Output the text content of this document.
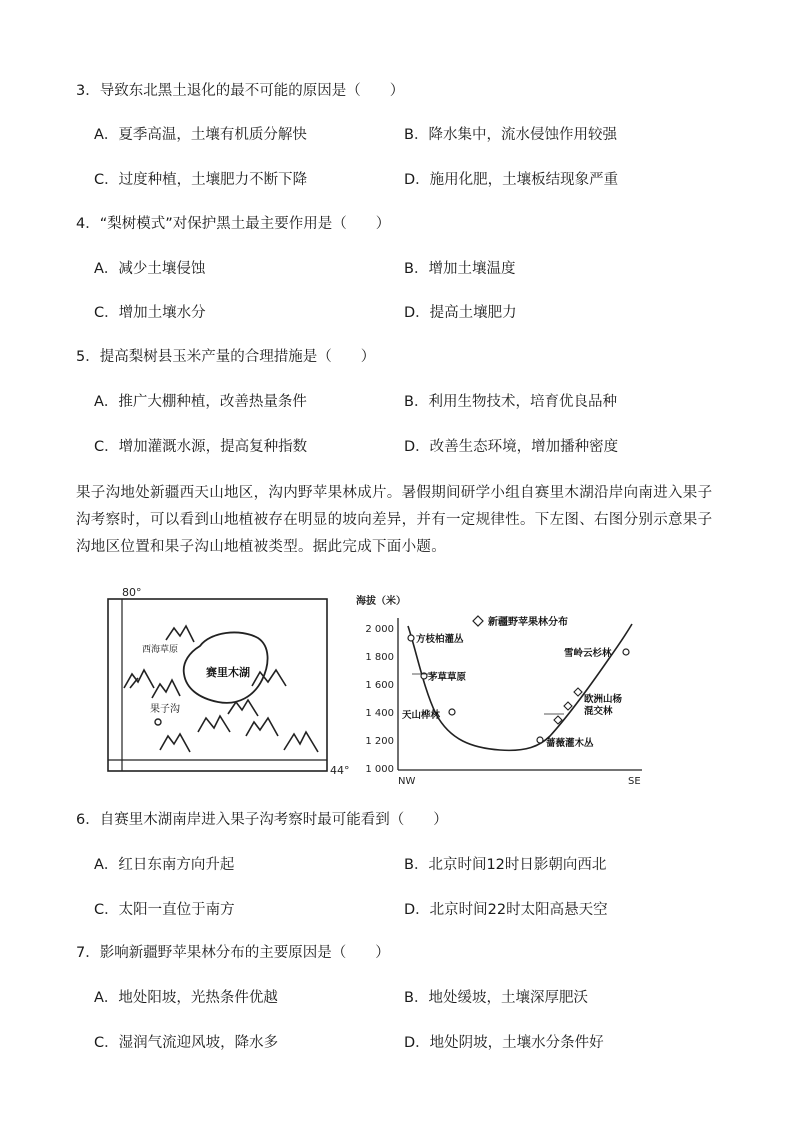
3．导致东北黑土退化的最不可能的原因是（　　）
A．夏季高温，土壤有机质分解快	B．降水集中，流水侵蚀作用较强
C．过度种植，土壤肥力不断下降	D．施用化肥，土壤板结现象严重
4．“梨树模式”对保护黑土最主要作用是（　　）
A．减少土壤侵蚀	B．增加土壤温度
C．增加土壤水分	D．提高土壤肥力
5．提高梨树县玉米产量的合理措施是（　　）
A．推广大棚种植，改善热量条件	B．利用生物技术，培育优良品种
C．增加灌溉水源，提高复种指数	D．改善生态环境，增加播种密度
果子沟地处新疆西天山地区，沟内野苹果林成片。暑假期间研学小组自赛里木湖沿岸向南进入果子沟考察时，可以看到山地植被存在明显的坡向差异，并有一定规律性。下左图、右图分别示意果子沟地区位置和果子沟山地植被类型。据此完成下面小题。
80°
44°
赛里木湖
西海草原
果子沟
海拔（米）
2 000
1 800
1 600
1 400
1 200
1 000
NW	SE
新疆野苹果林分布
方枝柏灌丛
茅草草原
天山桦林
蔷薇灌木丛
雪岭云杉林
欧洲山杨
混交林
6．自赛里木湖南岸进入果子沟考察时最可能看到（　　）
A．红日东南方向升起	B．北京时间12时日影朝向西北
C．太阳一直位于南方	D．北京时间22时太阳高悬天空
7．影响新疆野苹果林分布的主要原因是（　　）
A．地处阳坡，光热条件优越	B．地处缓坡，土壤深厚肥沃
C．湿润气流迎风坡，降水多	D．地处阴坡，土壤水分条件好
